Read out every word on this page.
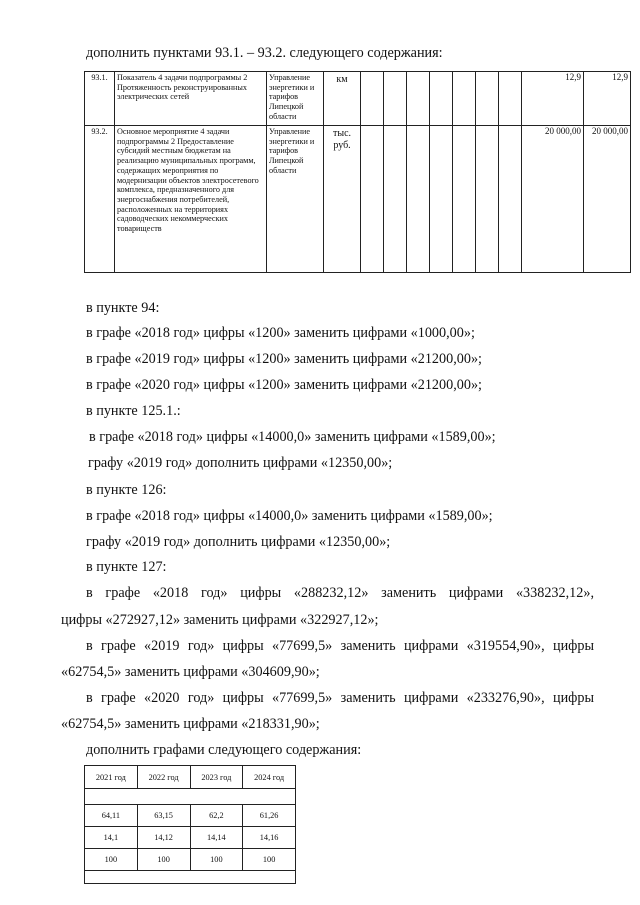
дополнить пунктами 93.1. – 93.2. следующего содержания:
93.1.	Показатель 4 задачи подпрограммы 2 Протяженность реконструированных электрических сетей	Управление энергетики и тарифов Липецкой области	км								12,9	12,9
93.2.	Основное мероприятие 4 задачи подпрограммы 2 Предоставление субсидий местным бюджетам на реализацию муниципальных программ, содержащих мероприятия по модернизации объектов электросетевого комплекса, предназначенного для энергоснабжения потребителей, расположенных на территориях садоводческих некоммерческих товариществ	Управление энергетики и тарифов Липецкой области	тыс. руб.								20 000,00	20 000,00
в пункте 94:
в графе «2018 год» цифры «1200» заменить цифрами «1000,00»;
в графе «2019 год» цифры «1200» заменить цифрами «21200,00»;
в графе «2020 год» цифры «1200» заменить цифрами «21200,00»;
в пункте 125.1.:
в графе «2018 год» цифры «14000,0» заменить цифрами «1589,00»;
графу «2019 год» дополнить цифрами «12350,00»;
в пункте 126:
в графе «2018 год» цифры «14000,0» заменить цифрами «1589,00»;
графу «2019 год» дополнить цифрами «12350,00»;
в пункте 127:
в графе «2018 год» цифры «288232,12» заменить цифрами «338232,12»,
цифры «272927,12» заменить цифрами «322927,12»;
в графе «2019 год» цифры «77699,5» заменить цифрами «319554,90», цифры
«62754,5» заменить цифрами «304609,90»;
в графе «2020 год» цифры «77699,5» заменить цифрами «233276,90», цифры
«62754,5» заменить цифрами «218331,90»;
дополнить графами следующего содержания:
2021 год	2022 год	2023 год	2024 год

64,11	63,15	62,2	61,26
14,1	14,12	14,14	14,16
100	100	100	100
